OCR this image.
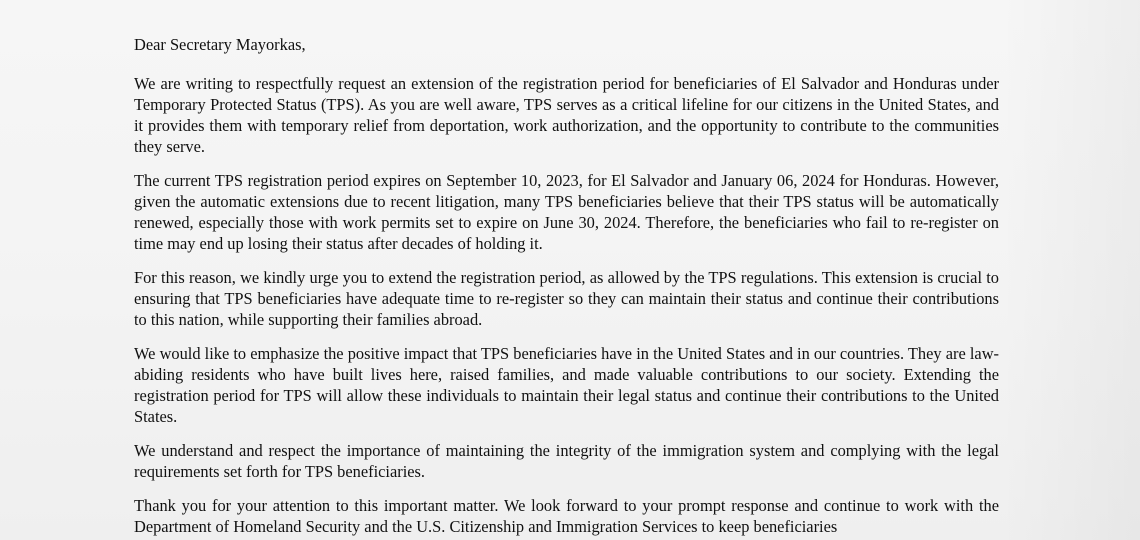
Dear Secretary Mayorkas,

We are writing to respectfully request an extension of the registration period for beneficiaries of El Salvador and Honduras under Temporary Protected Status (TPS). As you are well aware, TPS serves as a critical lifeline for our citizens in the United States, and it provides them with temporary relief from deportation, work authorization, and the opportunity to contribute to the communities they serve.

The current TPS registration period expires on September 10, 2023, for El Salvador and January 06, 2024 for Honduras. However, given the automatic extensions due to recent litigation, many TPS beneficiaries believe that their TPS status will be automatically renewed, especially those with work permits set to expire on June 30, 2024. Therefore, the beneficiaries who fail to re-register on time may end up losing their status after decades of holding it.

For this reason, we kindly urge you to extend the registration period, as allowed by the TPS regulations. This extension is crucial to ensuring that TPS beneficiaries have adequate time to re-register so they can maintain their status and continue their contributions to this nation, while supporting their families abroad.

We would like to emphasize the positive impact that TPS beneficiaries have in the United States and in our countries. They are law-abiding residents who have built lives here, raised families, and made valuable contributions to our society. Extending the registration period for TPS will allow these individuals to maintain their legal status and continue their contributions to the United States.

We understand and respect the importance of maintaining the integrity of the immigration system and complying with the legal requirements set forth for TPS beneficiaries.

Thank you for your attention to this important matter. We look forward to your prompt response and continue to work with the Department of Homeland Security and the U.S. Citizenship and Immigration Services to keep beneficiaries
